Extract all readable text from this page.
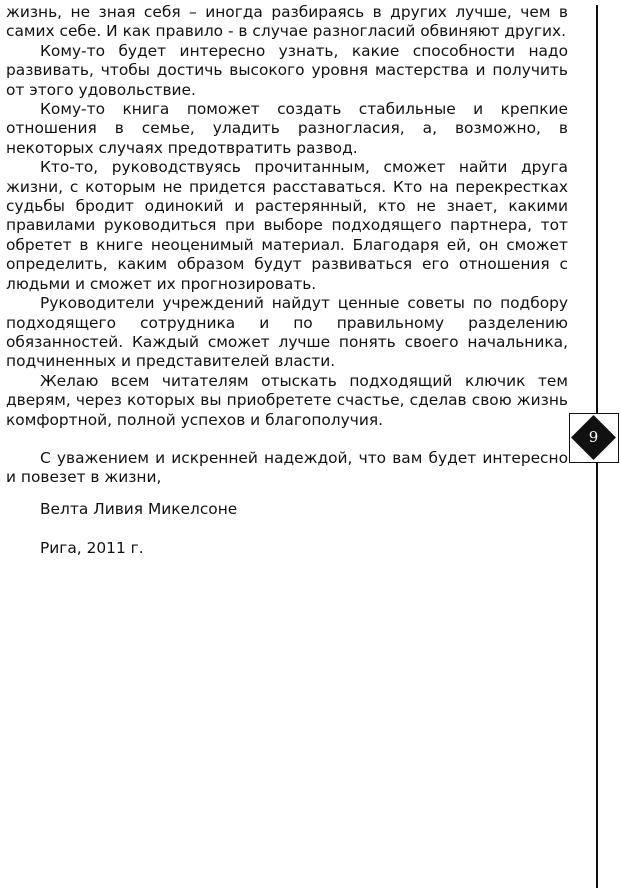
жизнь, не зная себя – иногда разбираясь в других лучше, чем в самих себе. И как правило - в случае разногласий обвиняют других.

Кому-то будет интересно узнать, какие способности надо развивать, чтобы достичь высокого уровня мастерства и получить от этого удовольствие.

Кому-то книга поможет создать стабильные и крепкие отношения в семье, уладить разногласия, а, возможно, в некоторых случаях предотвратить развод.

Кто-то, руководствуясь прочитанным, сможет найти друга жизни, с которым не придется расставаться. Кто на перекрестках судьбы бродит одинокий и растерянный, кто не знает, какими правилами руководиться при выборе подходящего партнера, тот обретет в книге неоценимый материал. Благодаря ей, он сможет определить, каким образом будут развиваться его отношения с людьми и сможет их прогнозировать.

Руководители учреждений найдут ценные советы по подбору подходящего сотрудника и по правильному разделению обязанностей. Каждый сможет лучше понять своего начальника, подчиненных и представителей власти.

Желаю всем читателям отыскать подходящий ключик тем дверям, через которых вы приобретете счастье, сделав свою жизнь комфортной, полной успехов и благополучия.

С уважением и искренней надеждой, что вам будет интересно и повезет в жизни,

Велта Ливия Микелсоне

Рига, 2011 г.

9
